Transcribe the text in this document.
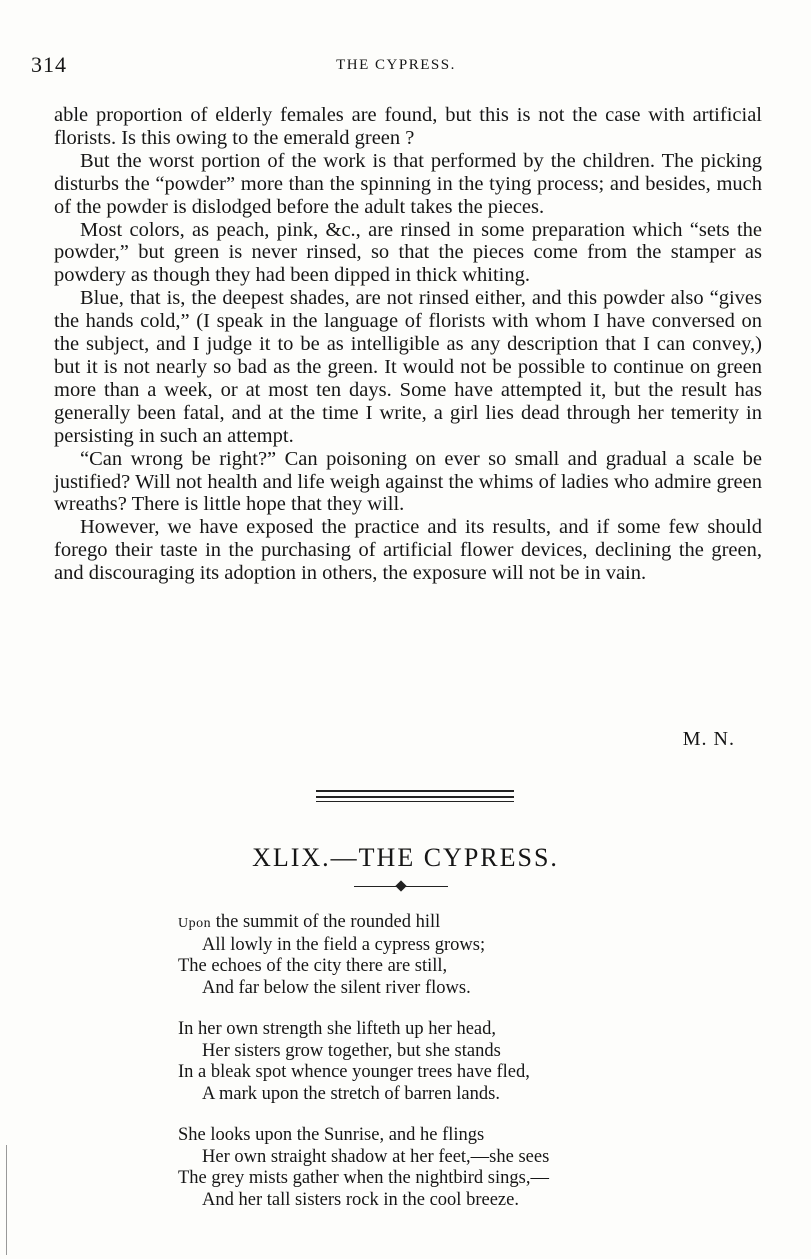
314	THE CYPRESS.

able proportion of elderly females are found, but this is not the case with artificial florists. Is this owing to the emerald green ?

But the worst portion of the work is that performed by the children. The picking disturbs the “powder” more than the spinning in the tying process; and besides, much of the powder is dislodged before the adult takes the pieces.

Most colors, as peach, pink, &c., are rinsed in some preparation which “sets the powder,” but green is never rinsed, so that the pieces come from the stamper as powdery as though they had been dipped in thick whiting.

Blue, that is, the deepest shades, are not rinsed either, and this powder also “gives the hands cold,” (I speak in the language of florists with whom I have conversed on the subject, and I judge it to be as intelligible as any description that I can convey,) but it is not nearly so bad as the green. It would not be possible to continue on green more than a week, or at most ten days. Some have attempted it, but the result has generally been fatal, and at the time I write, a girl lies dead through her temerity in persisting in such an attempt.

“Can wrong be right?” Can poisoning on ever so small and gradual a scale be justified? Will not health and life weigh against the whims of ladies who admire green wreaths? There is little hope that they will.

However, we have exposed the practice and its results, and if some few should forego their taste in the purchasing of artificial flower devices, declining the green, and discouraging its adoption in others, the exposure will not be in vain.

M. N.
XLIX.—THE CYPRESS.
Upon the summit of the rounded hill
All lowly in the field a cypress grows;
The echoes of the city there are still,
And far below the silent river flows.
In her own strength she lifteth up her head,
Her sisters grow together, but she stands
In a bleak spot whence younger trees have fled,
A mark upon the stretch of barren lands.
She looks upon the Sunrise, and he flings
Her own straight shadow at her feet,—she sees
The grey mists gather when the nightbird sings,—
And her tall sisters rock in the cool breeze.
